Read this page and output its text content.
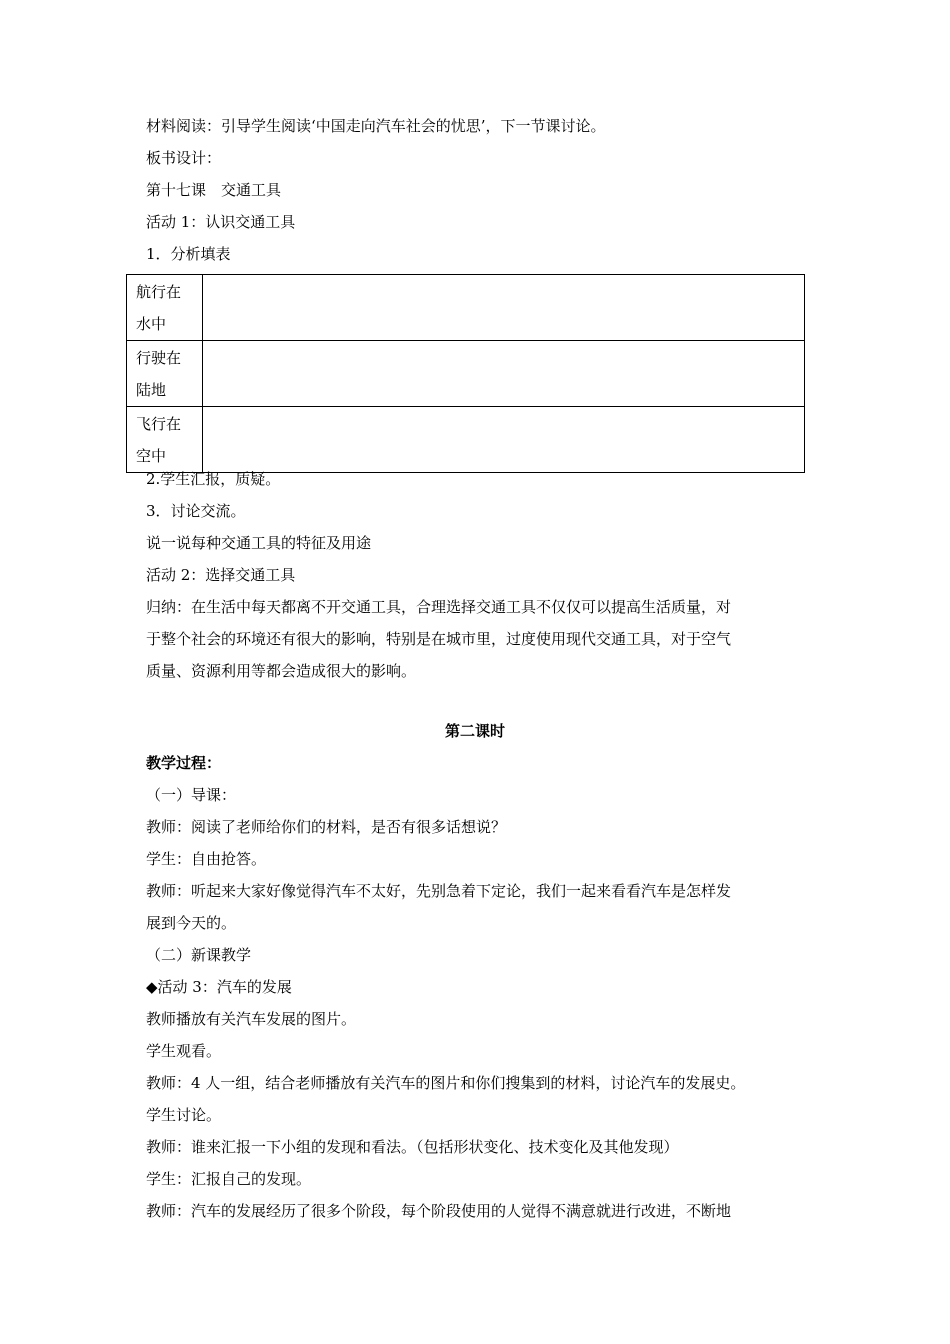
材料阅读：引导学生阅读‘中国走向汽车社会的忧思’，下一节课讨论。
板书设计：
第十七课　交通工具
活动 1：认识交通工具
1．分析填表
航行在水中	

行驶在陆地	

飞行在空中	

2.学生汇报，质疑。
3．讨论交流。
说一说每种交通工具的特征及用途
活动 2：选择交通工具
归纳：在生活中每天都离不开交通工具，合理选择交通工具不仅仅可以提高生活质量，对
于整个社会的环境还有很大的影响，特别是在城市里，过度使用现代交通工具，对于空气
质量、资源利用等都会造成很大的影响。
第二课时
教学过程：
（一）导课：
教师：阅读了老师给你们的材料，是否有很多话想说？
学生：自由抢答。
教师：听起来大家好像觉得汽车不太好，先别急着下定论，我们一起来看看汽车是怎样发
展到今天的。
（二）新课教学
◆活动 3：汽车的发展
教师播放有关汽车发展的图片。
学生观看。
教师：4 人一组，结合老师播放有关汽车的图片和你们搜集到的材料，讨论汽车的发展史。
学生讨论。
教师：谁来汇报一下小组的发现和看法。（包括形状变化、技术变化及其他发现）
学生：汇报自己的发现。
教师：汽车的发展经历了很多个阶段，每个阶段使用的人觉得不满意就进行改进，不断地
